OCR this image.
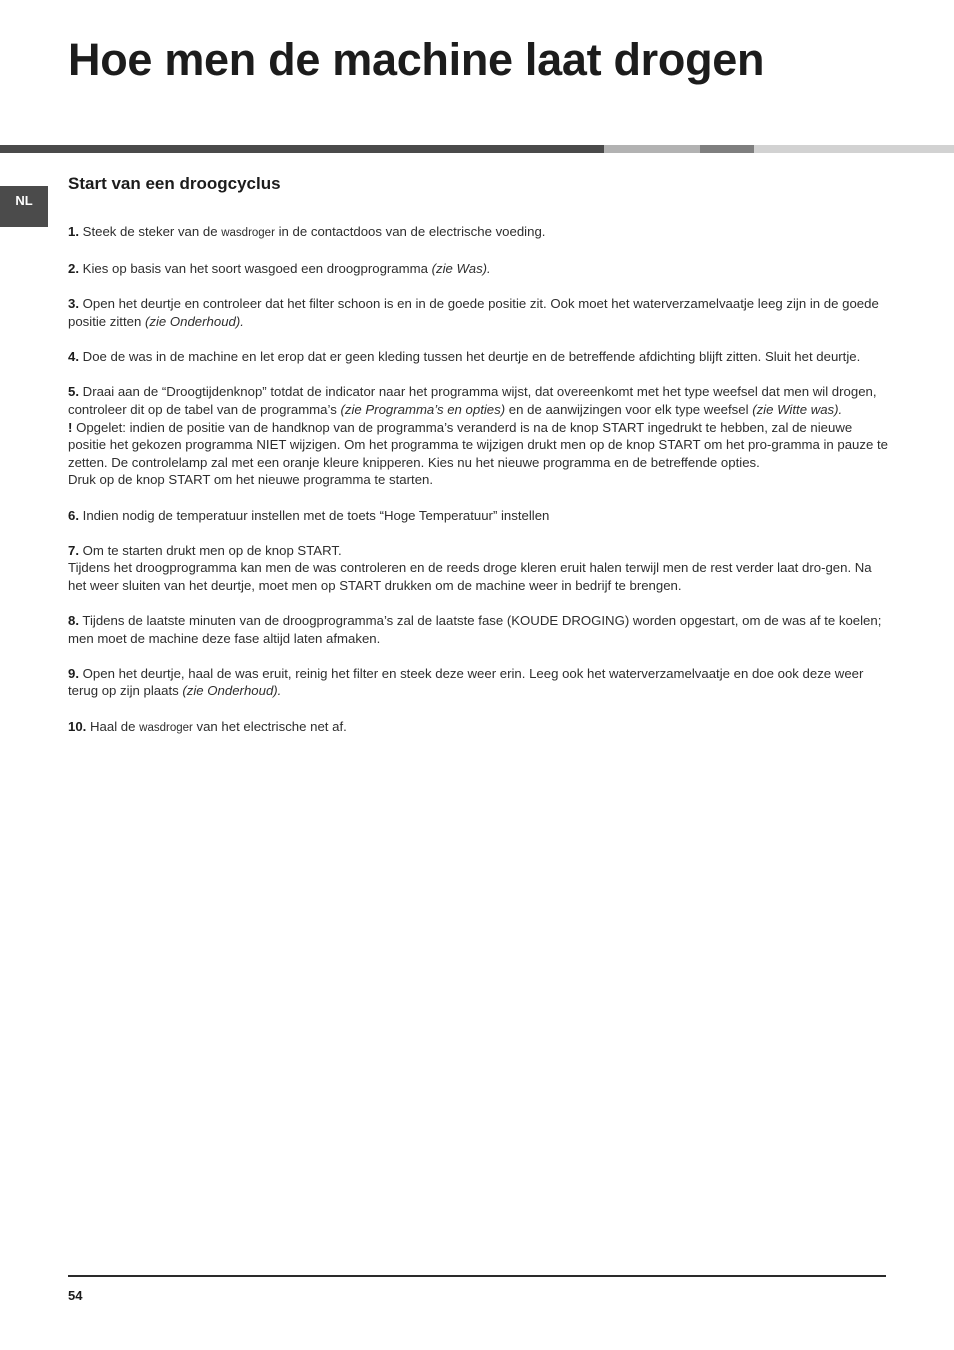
Hoe men de machine laat drogen
NL
Start van een droogcyclus

1. Steek de steker van de wasdroger in de contactdoos van de electrische voeding.

2. Kies op basis van het soort wasgoed een droogprogramma (zie Was).

3. Open het deurtje en controleer dat het filter schoon is en in de goede positie zit. Ook moet het waterverzamelvaatje leeg zijn in de goede positie zitten (zie Onderhoud).

4. Doe de was in de machine en let erop dat er geen kleding tussen het deurtje en de betreffende afdichting blijft zitten. Sluit het deurtje.

5. Draai aan de “Droogtijdenknop” totdat de indicator naar het programma wijst, dat overeenkomt met het type weefsel dat men wil drogen, controleer dit op de tabel van de programma’s (zie Programma’s en opties) en de aanwijzingen voor elk type weefsel (zie Witte was).

! Opgelet: indien de positie van de handknop van de programma’s veranderd is na de knop START ingedrukt te hebben, zal de nieuwe positie het gekozen programma NIET wijzigen. Om het programma te wijzigen drukt men op de knop START om het pro-gramma in pauze te zetten. De controlelamp zal met een oranje kleure knipperen. Kies nu het nieuwe programma en de betreffende opties.

Druk op de knop START om het nieuwe programma te starten.

6. Indien nodig de temperatuur instellen met de toets “Hoge Temperatuur” instellen

7. Om te starten drukt men op de knop START.

Tijdens het droogprogramma kan men de was controleren en de reeds droge kleren eruit halen terwijl men de rest verder laat dro-gen. Na het weer sluiten van het deurtje, moet men op START drukken om de machine weer in bedrijf te brengen.

8. Tijdens de laatste minuten van de droogprogramma’s zal de laatste fase (KOUDE DROGING) worden opgestart, om de was af te koelen; men moet de machine deze fase altijd laten afmaken.

9. Open het deurtje, haal de was eruit, reinig het filter en steek deze weer erin. Leeg ook het waterverzamelvaatje en doe ook deze weer terug op zijn plaats (zie Onderhoud).

10. Haal de wasdroger van het electrische net af.

54
